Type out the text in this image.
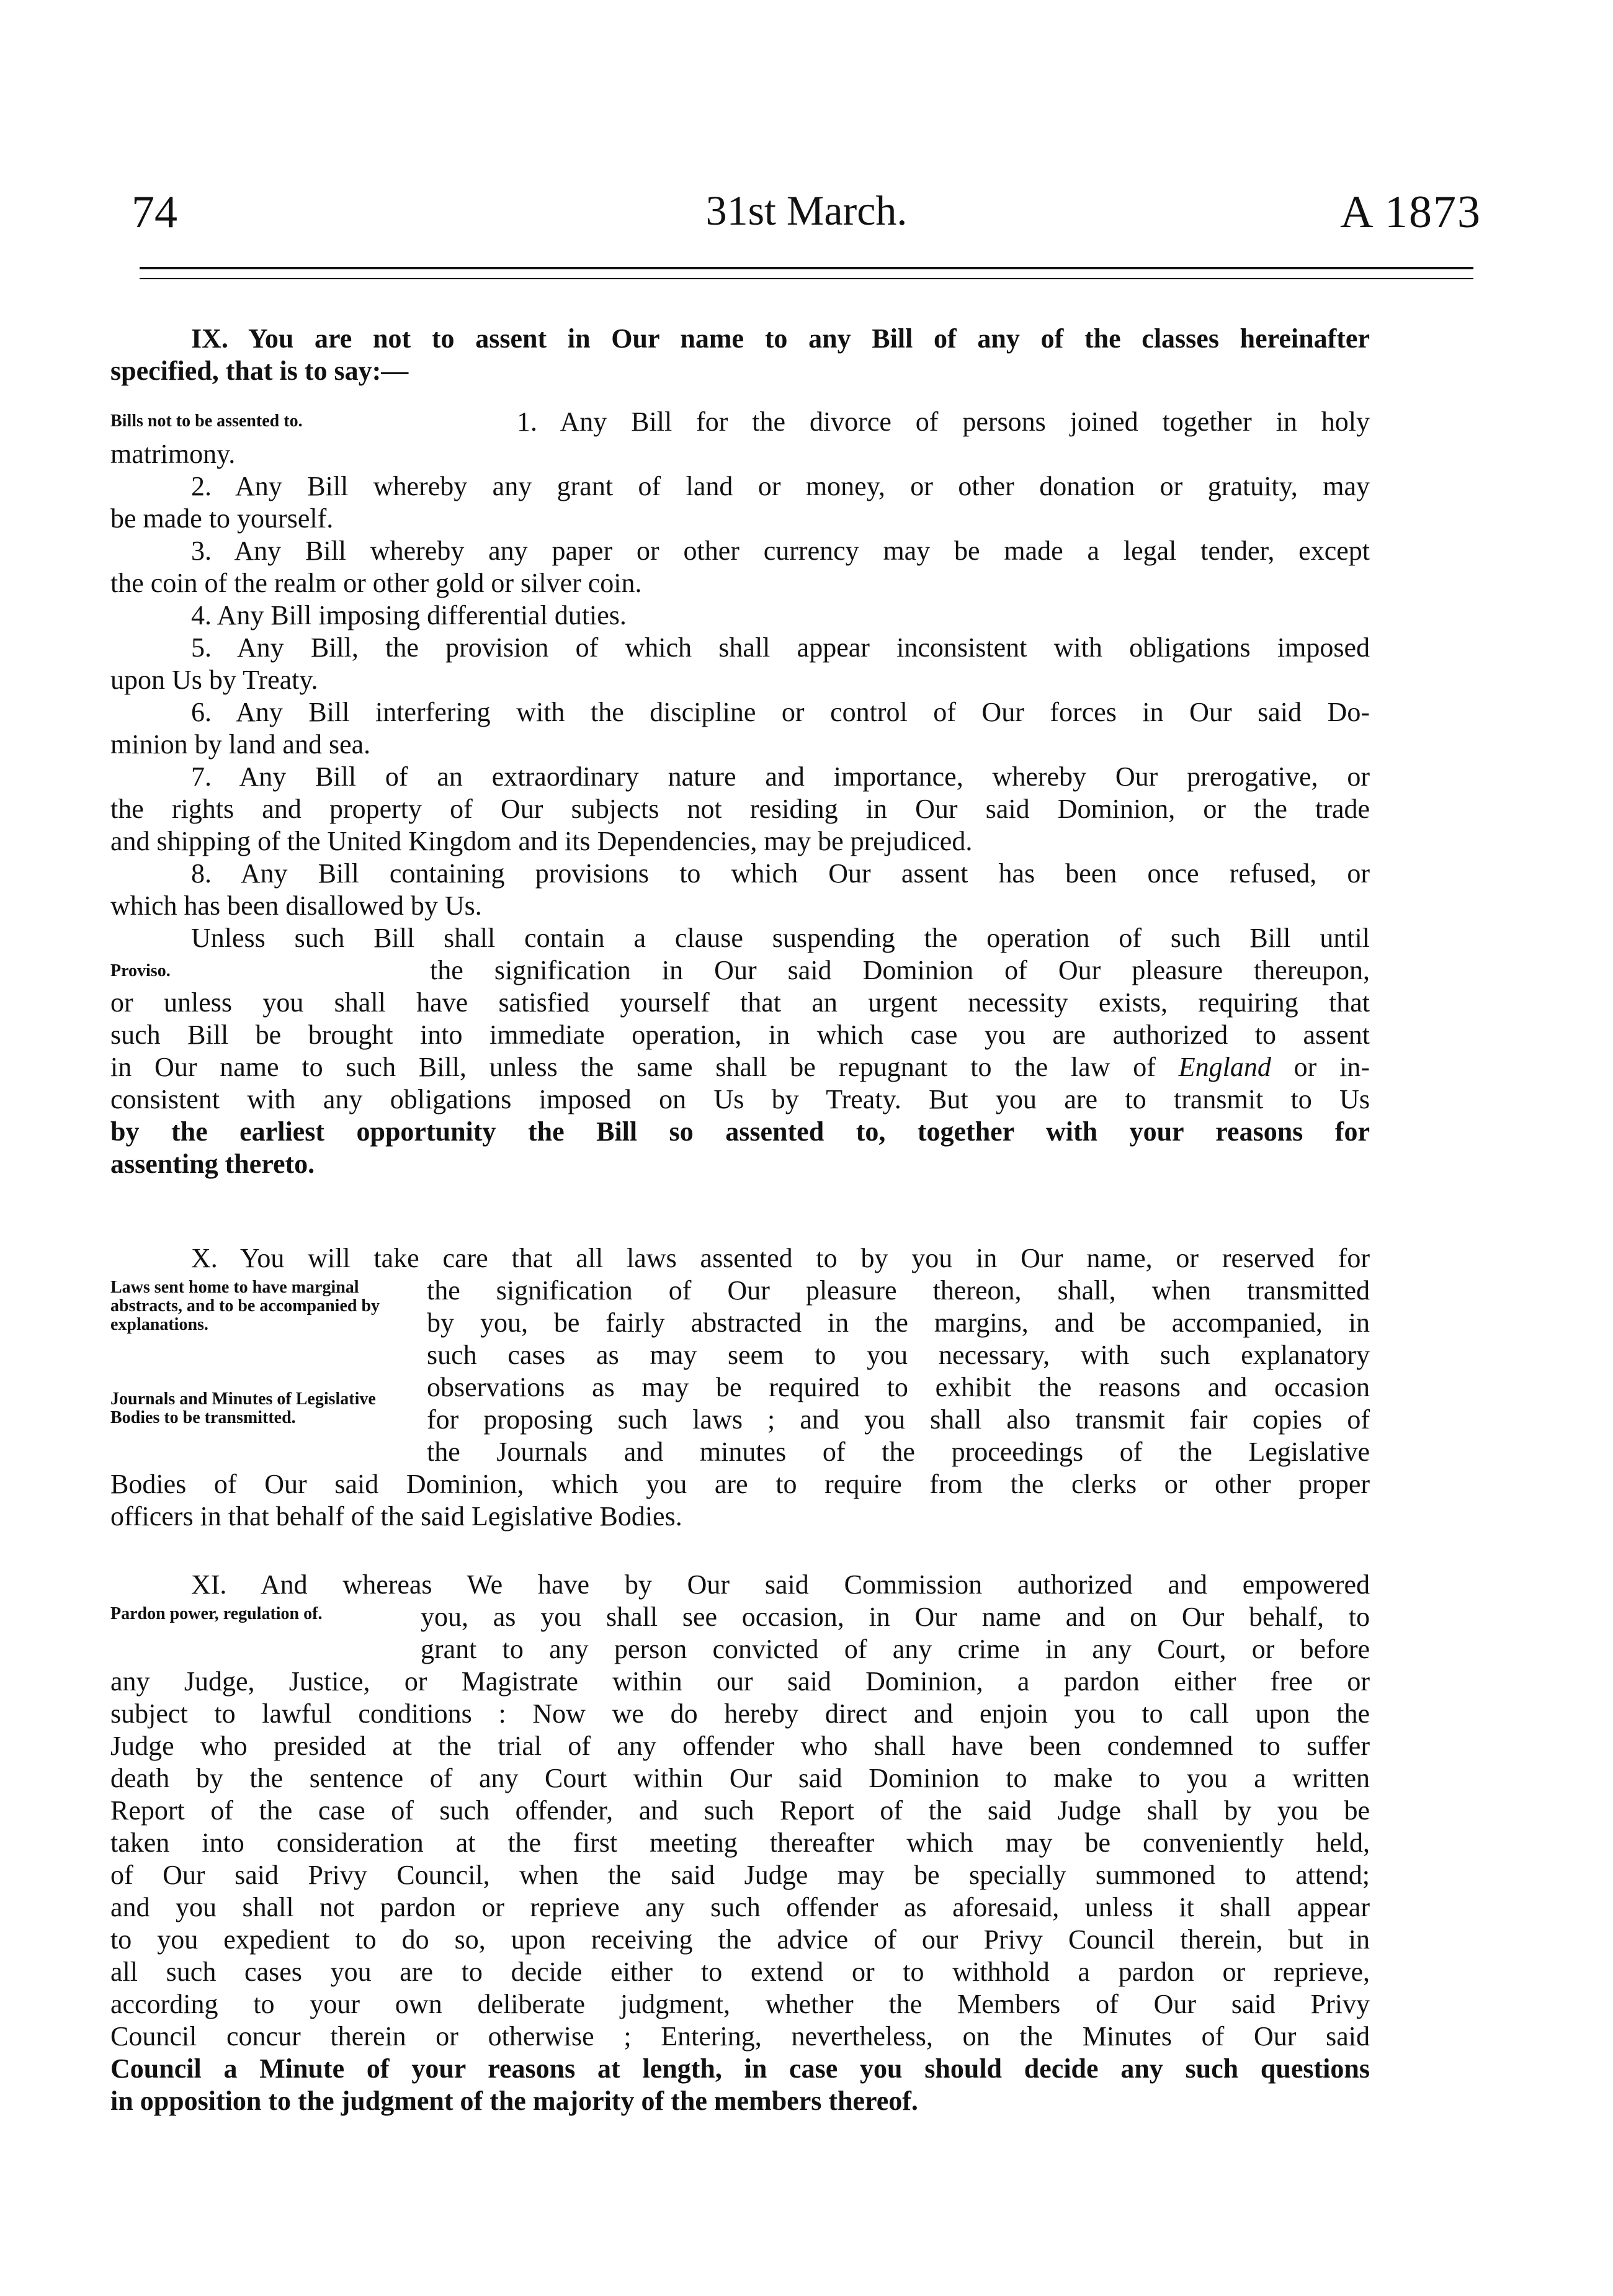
74	31st March.	A 1873
IX. You are not to assent in Our name to any Bill of any of the classes hereinafter
specified, that is to say:—
Bills not to be assented to.	1. Any Bill for the divorce of persons joined together in holy
matrimony.
2. Any Bill whereby any grant of land or money, or other donation or gratuity, may
be made to yourself.
3. Any Bill whereby any paper or other currency may be made a legal tender, except
the coin of the realm or other gold or silver coin.
4. Any Bill imposing differential duties.
5. Any Bill, the provision of which shall appear inconsistent with obligations imposed
upon Us by Treaty.
6. Any Bill interfering with the discipline or control of Our forces in Our said Do-
minion by land and sea.
7. Any Bill of an extraordinary nature and importance, whereby Our prerogative, or
the rights and property of Our subjects not residing in Our said Dominion, or the trade
and shipping of the United Kingdom and its Dependencies, may be prejudiced.
8. Any Bill containing provisions to which Our assent has been once refused, or
which has been disallowed by Us.
Unless such Bill shall contain a clause suspending the operation of such Bill until
Proviso.	the signification in Our said Dominion of Our pleasure thereupon,
or unless you shall have satisfied yourself that an urgent necessity exists, requiring that
such Bill be brought into immediate operation, in which case you are authorized to assent
in Our name to such Bill, unless the same shall be repugnant to the law of England or in-
consistent with any obligations imposed on Us by Treaty. But you are to transmit to Us
by the earliest opportunity the Bill so assented to, together with your reasons for
assenting thereto.
X. You will take care that all laws assented to by you in Our name, or reserved for
Laws sent home to have marginal abstracts, and to be accompanied by explanations.
Journals and Minutes of Legislative Bodies to be transmitted.
the signification of Our pleasure thereon, shall, when transmitted
by you, be fairly abstracted in the margins, and be accompanied, in
such cases as may seem to you necessary, with such explanatory
observations as may be required to exhibit the reasons and occasion
for proposing such laws ; and you shall also transmit fair copies of
the Journals and minutes of the proceedings of the Legislative
Bodies of Our said Dominion, which you are to require from the clerks or other proper
officers in that behalf of the said Legislative Bodies.
XI. And whereas We have by Our said Commission authorized and empowered
Pardon power, regulation of.	you, as you shall see occasion, in Our name and on Our behalf, to
grant to any person convicted of any crime in any Court, or before
any Judge, Justice, or Magistrate within our said Dominion, a pardon either free or
subject to lawful conditions : Now we do hereby direct and enjoin you to call upon the
Judge who presided at the trial of any offender who shall have been condemned to suffer
death by the sentence of any Court within Our said Dominion to make to you a written
Report of the case of such offender, and such Report of the said Judge shall by you be
taken into consideration at the first meeting thereafter which may be conveniently held,
of Our said Privy Council, when the said Judge may be specially summoned to attend;
and you shall not pardon or reprieve any such offender as aforesaid, unless it shall appear
to you expedient to do so, upon receiving the advice of our Privy Council therein, but in
all such cases you are to decide either to extend or to withhold a pardon or reprieve,
according to your own deliberate judgment, whether the Members of Our said Privy
Council concur therein or otherwise ; Entering, nevertheless, on the Minutes of Our said
Council a Minute of your reasons at length, in case you should decide any such questions
in opposition to the judgment of the majority of the members thereof.
